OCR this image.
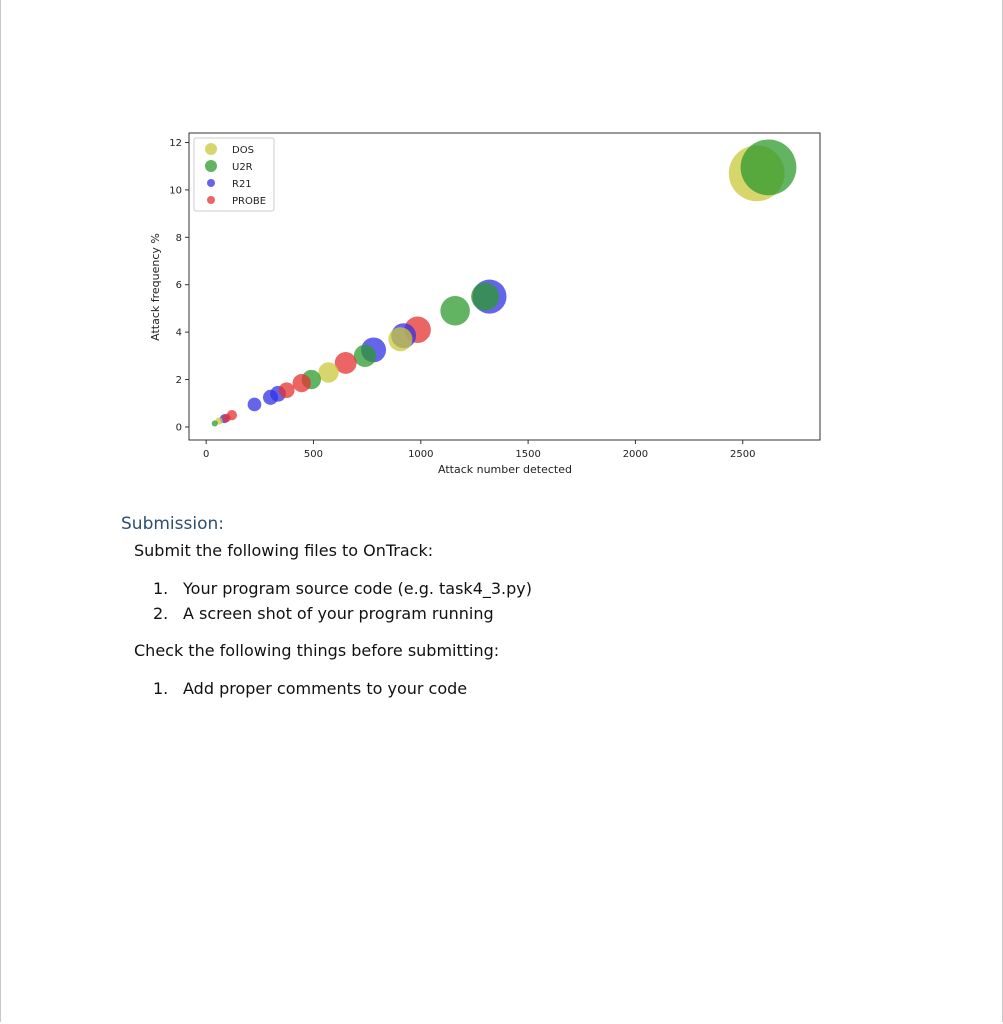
0	500	1000	1500	2000	2500
0
2
4
6
8
10
12
DOS
U2R
R21
PROBE
Attack number detected
Attack frequency %
Submission:
Submit the following files to OnTrack:
1. Your program source code (e.g. task4_3.py)
2. A screen shot of your program running
Check the following things before submitting:
1. Add proper comments to your code
